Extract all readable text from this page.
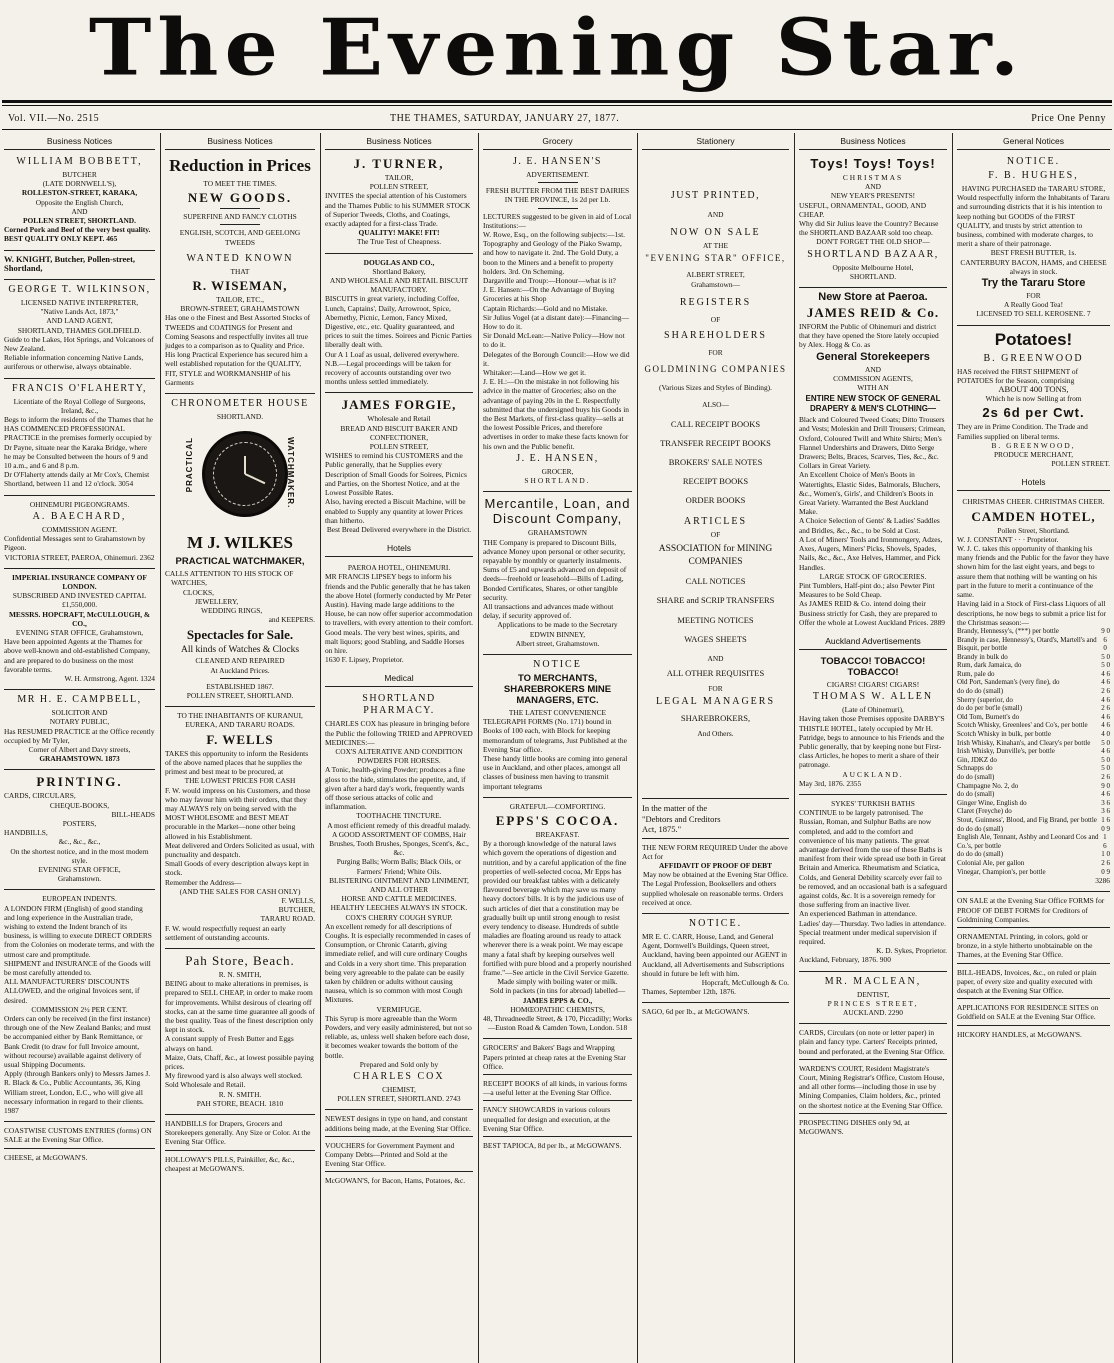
The Evening Star.
Vol. VII.—No. 2515	THE THAMES, SATURDAY, JANUARY 27, 1877.	Price One Penny
Business Notices

WILLIAM BOBBETT,

BUTCHER

(LATE DORNWELL'S),

ROLLESTON-STREET, KARAKA,

Opposite the English Church,

AND

POLLEN STREET, SHORTLAND.

Corned Pork and Beef of the very best quality.

BEST QUALITY ONLY KEPT. 465

W. KNIGHT, Butcher, Pollen-street, Shortland,

GEORGE T. WILKINSON,

LICENSED NATIVE INTERPRETER,

"Native Lands Act, 1873,"

AND LAND AGENT,

SHORTLAND, THAMES GOLDFIELD.

Guide to the Lakes, Hot Springs, and Volcanoes of New Zealand.

Reliable information concerning Native Lands, auriferous or otherwise, always obtainable.

FRANCIS O'FLAHERTY,

Licentiate of the Royal College of Surgeons, Ireland, &c.,

Begs to inform the residents of the Thames that he HAS COMMENCED PROFESSIONAL PRACTICE in the premises formerly occupied by Dr Payne, situate near the Karaka Bridge, where he may be Consulted between the hours of 9 and 10 a.m., and 6 and 8 p.m.

Dr O'Flaherty attends daily at Mr Cox's, Chemist Shortland, between 11 and 12 o'clock. 3054

OHINEMURI PIGEONGRAMS.

A. BAECHARD,

COMMISSION AGENT.

Confidential Messages sent to Grahamstown by Pigeon.

VICTORIA STREET, PAEROA, Ohinemuri. 2362

IMPERIAL INSURANCE COMPANY OF LONDON.

SUBSCRIBED AND INVESTED CAPITAL £1,550,000.

MESSRS. HOPCRAFT, McCULLOUGH, & CO.,

EVENING STAR OFFICE, Grahamstown,

Have been appointed Agents at the Thames for above well-known and old-established Company, and are prepared to do business on the most favorable terms.

W. H. Armstrong, Agent. 1324

MR H. E. CAMPBELL,

SOLICITOR AND

NOTARY PUBLIC,

Has RESUMED PRACTICE at the Office recently occupied by Mr Tyler,

Corner of Albert and Davy streets,

GRAHAMSTOWN. 1873

PRINTING.

CARDS, CIRCULARS,

CHEQUE-BOOKS,

BILL-HEADS

POSTERS,

HANDBILLS,

&c., &c., &c.,

On the shortest notice, and in the most modern style.

EVENING STAR OFFICE,

Grahamstown.

EUROPEAN INDENTS.

A LONDON FIRM (English) of good standing and long experience in the Australian trade, wishing to extend the Indent branch of its business, is willing to execute DIRECT ORDERS from the Colonies on moderate terms, and with the utmost care and promptitude.

SHIPMENT and INSURANCE of the Goods will be most carefully attended to.

ALL MANUFACTURERS' DISCOUNTS ALLOWED, and the original Invoices sent, if desired.

COMMISSION 2½ PER CENT.

Orders can only be received (in the first instance) through one of the New Zealand Banks; and must be accompanied either by Bank Remittance, or Bank Credit (to draw for full Invoice amount, without recourse) available against delivery of usual Shipping Documents.

Apply (through Bankers only) to Messrs James J. R. Black & Co., Public Accountants, 36, King William street, London, E.C., who will give all necessary information in regard to their clients. 1987

COASTWISE CUSTOMS ENTRIES (forms) ON SALE at the Evening Star Office.

CHEESE, at McGOWAN'S.

Business Notices

Reduction in Prices

TO MEET THE TIMES.

NEW GOODS.

SUPERFINE AND FANCY CLOTHS

ENGLISH, SCOTCH, AND GEELONG TWEEDS

WANTED KNOWN

THAT

R. WISEMAN,

TAILOR, ETC.,

BROWN-STREET, GRAHAMSTOWN

Has one o the Finest and Best Assorted Stocks of TWEEDS and COATINGS for Present and Coming Seasons and respectfully invites all true judges to a comparison as to Quality and Price.

His long Practical Experience has secured him a well established reputation for the QUALITY, FIT, STYLE and WORKMANSHIP of his Garments

CHRONOMETER HOUSE

SHORTLAND.

PRACTICAL	WATCHMAKER.

M J. WILKES

PRACTICAL WATCHMAKER,

CALLS ATTENTION TO HIS STOCK OF

WATCHES,

CLOCKS,

JEWELLERY,

WEDDING RINGS,

and KEEPERS.

Spectacles for Sale.

All kinds of Watches & Clocks

CLEANED AND REPAIRED

At Auckland Prices.

ESTABLISHED 1867.

POLLEN STREET, SHORTLAND.

TO THE INHABITANTS OF KURANUI, EUREKA, AND TARARU ROADS.

F. WELLS

TAKES this opportunity to inform the Residents of the above named places that he supplies the primest and best meat to be procured, at

THE LOWEST PRICES FOR CASH

F. W. would impress on his Customers, and those who may favour him with their orders, that they may ALWAYS rely on being served with the MOST WHOLESOME and BEST MEAT procurable in the Market—none other being allowed in his Establishment.

Meat delivered and Orders Solicited as usual, with punctuality and despatch.

Small Goods of every description always kept in stock.

Remember the Address—

(AND THE SALES FOR CASH ONLY)

F. WELLS,

BUTCHER,

TARARU ROAD.

F. W. would respectfully request an early settlement of outstanding accounts.

Pah Store, Beach.

R. N. SMITH,

BEING about to make alterations in premises, is prepared to SELL CHEAP, in order to make room for improvements. Whilst desirous of clearing off stocks, can at the same time guarantee all goods of the best quality. Teas of the finest description only kept in stock.

A constant supply of Fresh Butter and Eggs always on hand.

Maize, Oats, Chaff, &c., at lowest possible paying prices.

My firewood yard is also always well stocked. Sold Wholesale and Retail.

R. N. SMITH.

PAH STORE, BEACH. 1810

HANDBILLS for Drapers, Grocers and Storekeepers generally. Any Size or Color. At the Evening Star Office.

HOLLOWAY'S PILLS, Painkiller, &c, &c., cheapest at McGOWAN'S.

Business Notices

J. TURNER,

TAILOR,

POLLEN STREET,

INVITES the special attention of his Customers and the Thames Public to his SUMMER STOCK of Superior Tweeds, Cloths, and Coatings, exactly adapted for a first-class Trade.

QUALITY! MAKE! FIT!

The True Test of Cheapness.

DOUGLAS AND CO.,

Shortland Bakery,

AND WHOLESALE AND RETAIL BISCUIT MANUFACTORY.

BISCUITS in great variety, including Coffee, Lunch, Captains', Daily, Arrowroot, Spice, Abernethy, Picnic, Lemon, Fancy Mixed, Digestive, etc., etc. Quality guaranteed, and prices to suit the times. Soirees and Picnic Parties liberally dealt with.

Our A 1 Loaf as usual, delivered everywhere.

N.B.—Legal proceedings will be taken for recovery of accounts outstanding over two months unless settled immediately.

JAMES FORGIE,

Wholesale and Retail

BREAD AND BISCUIT BAKER AND CONFECTIONER,

POLLEN STREET,

WISHES to remind his CUSTOMERS and the Public generally, that he Supplies every Description of Small Goods for Soirees, Picnics and Parties, on the Shortest Notice, and at the Lowest Possible Rates.

Also, having erected a Biscuit Machine, will be enabled to Supply any quantity at lower Prices than hitherto.

Best Bread Delivered everywhere in the District.

Hotels

PAEROA HOTEL, OHINEMURI.

MR FRANCIS LIPSEY begs to inform his friends and the Public generally that he has taken the above Hotel (formerly conducted by Mr Peter Austin). Having made large additions to the House, he can now offer superior accommodation to travellers, with every attention to their comfort. Good meals. The very best wines, spirits, and malt liquors; good Stabling, and Saddle Horses on hire.

1630 F. Lipsey, Proprietor.

Medical

SHORTLAND PHARMACY.

CHARLES COX has pleasure in bringing before the Public the following TRIED and APPROVED MEDICINES:—

COX'S ALTERATIVE AND CONDITION POWDERS FOR HORSES.

A Tonic, health-giving Powder; produces a fine gloss to the hide, stimulates the appetite, and, if given after a hard day's work, frequently wards off those serious attacks of colic and inflammation.

TOOTHACHE TINCTURE.

A most efficient remedy of this dreadful malady.

A GOOD ASSORTMENT OF COMBS, Hair Brushes, Tooth Brushes, Sponges, Scent's, &c., &c.

Purging Balls; Worm Balls; Black Oils, or Farmers' Friend; White Oils.

BLISTERING OINTMENT AND LINIMENT, AND ALL OTHER

HORSE AND CATTLE MEDICINES.

HEALTHY LEECHES ALWAYS IN STOCK.

COX'S CHERRY COUGH SYRUP.

An excellent remedy for all descriptions of Coughs. It is especially recommended in cases of Consumption, or Chronic Catarrh, giving immediate relief, and will cure ordinary Coughs and Colds in a very short time. This preparation being very agreeable to the palate can be easily taken by children or adults without causing nausea, which is so common with most Cough Mixtures.

VERMIFUGE.

This Syrup is more agreeable than the Worm Powders, and very easily administered, but not so reliable, as, unless well shaken before each dose, it becomes weaker towards the bottom of the bottle.

Prepared and Sold only by

CHARLES COX

CHEMIST,

POLLEN STREET, SHORTLAND. 2743

NEWEST designs in type on hand, and constant additions being made, at the Evening Star Office.

VOUCHERS for Government Payment and Company Debts—Printed and Sold at the Evening Star Office.

McGOWAN'S, for Bacon, Hams, Potatoes, &c.

Grocery

J. E. HANSEN'S

ADVERTISEMENT.

FRESH BUTTER FROM THE BEST DAIRIES IN THE PROVINCE, 1s 2d per Lb.

LECTURES suggested to be given in aid of Local Institutions:—

W. Rowe, Esq., on the following subjects:—1st. Topography and Geology of the Piako Swamp, and how to navigate it. 2nd. The Gold Duty, a boon to the Miners and a benefit to property holders. 3rd. On Scheming.

Dargaville and Troup:—Honour—what is it?

J. E. Hansen:—On the Advantage of Buying Groceries at his Shop

Captain Richards:—Gold and no Mistake.

Sir Julius Vogel (at a distant date):—Financing—How to do it.

Sir Donald McLean:—Native Policy—How not to do it.

Delegates of the Borough Council:—How we did it.

Whitaker:—Land—How we get it.

J. E. H.:—On the mistake in not following his advice in the matter of Groceries; also on the advantage of paying 20s in the £. Respectfully submitted that the undersigned buys his Goods in the Best Markets, of first-class quality—sells at the lowest Possible Prices, and therefore advertises in order to make these facts known for his own and the Public benefit.

J. E. HANSEN,

GROCER,

SHORTLAND.

Mercantile, Loan, and Discount Company,

GRAHAMSTOWN

THE Company is prepared to Discount Bills, advance Money upon personal or other security, repayable by monthly or quarterly instalments. Sums of £5 and upwards advanced on deposit of deeds—freehold or leasehold—Bills of Lading, Bonded Certificates, Shares, or other tangible security.

All transactions and advances made without delay, if security approved of.

Applications to be made to the Secretary

EDWIN BINNEY,

Albert street, Grahamstown.

NOTICE

TO MERCHANTS, SHAREBROKERS MINE MANAGERS, ETC.

THE LATEST CONVENIENCE

TELEGRAPH FORMS (No. 171) bound in Books of 100 each, with Block for keeping memorandum of telegrams, Just Published at the Evening Star office.

These handy little books are coming into general use in Auckland, and other places, amongst all classes of business men having to transmit important telegrams

GRATEFUL—COMFORTING.

EPPS'S COCOA.

BREAKFAST.

By a thorough knowledge of the natural laws which govern the operations of digestion and nutrition, and by a careful application of the fine properties of well-selected cocoa, Mr Epps has provided our breakfast tables with a delicately flavoured beverage which may save us many heavy doctors' bills. It is by the judicious use of such articles of diet that a constitution may be gradually built up until strong enough to resist every tendency to disease. Hundreds of subtle maladies are floating around us ready to attack wherever there is a weak point. We may escape many a fatal shaft by keeping ourselves well fortified with pure blood and a properly nourished frame."—See article in the Civil Service Gazette.

Made simply with boiling water or milk.

Sold in packets (in tins for abroad) labelled—

JAMES EPPS & CO.,

HOMŒOPATHIC CHEMISTS,

48, Threadneedle Street, & 170, Piccadilly; Works—Euston Road & Camden Town, London. 518

GROCERS' and Bakers' Bags and Wrapping Papers printed at cheap rates at the Evening Star Office.

RECEIPT BOOKS of all kinds, in various forms—a useful letter at the Evening Star Office.

FANCY SHOWCARDS in various colours unequalled for design and execution, at the Evening Star Office.

BEST TAPIOCA, 8d per lb., at McGOWAN'S.

Stationery

JUST PRINTED,

AND

NOW ON SALE

AT THE

"EVENING STAR" OFFICE,

ALBERT STREET,

Grahamstown—

REGISTERS

OF

SHAREHOLDERS

FOR

GOLDMINING COMPANIES

(Various Sizes and Styles of Binding).

ALSO—

CALL RECEIPT BOOKS

TRANSFER RECEIPT BOOKS

BROKERS' SALE NOTES

RECEIPT BOOKS

ORDER BOOKS

ARTICLES

OF

ASSOCIATION for MINING

COMPANIES

CALL NOTICES

SHARE and SCRIP TRANSFERS

MEETING NOTICES

WAGES SHEETS

AND

ALL OTHER REQUISITES

FOR

LEGAL MANAGERS

SHAREBROKERS,

And Others.

In the matter of the "Debtors and Creditors Act, 1875."

THE NEW FORM REQUIRED Under the above Act for

AFFIDAVIT OF PROOF OF DEBT

May now be obtained at the Evening Star Office.

The Legal Profession, Booksellers and others supplied wholesale on reasonable terms. Orders received at once.

NOTICE.

MR E. C. CARR, House, Land, and General Agent, Dornwell's Buildings, Queen street, Auckland, having been appointed our AGENT in Auckland, all Advertisements and Subscriptions should in future be left with him.

Hopcraft, McCullough & Co.

Thames, September 12th, 1876.

SAGO, 6d per lb., at McGOWAN'S.

Business Notices

Toys! Toys! Toys!

CHRISTMAS

AND

NEW YEAR'S PRESENTS!

USEFUL, ORNAMENTAL, GOOD, AND CHEAP.

Why did Sir Julius leave the Country? Because the SHORTLAND BAZAAR sold too cheap.

DON'T FORGET THE OLD SHOP—

SHORTLAND BAZAAR,

Opposite Melbourne Hotel,

SHORTLAND.

New Store at Paeroa.

JAMES REID & Co.

INFORM the Public of Ohinemuri and district that they have opened the Store lately occupied by Alex. Hogg & Co. as

General Storekeepers

AND

COMMISSION AGENTS,

WITH AN

ENTIRE NEW STOCK OF GENERAL DRAPERY & MEN'S CLOTHING—

Black and Coloured Tweed Coats; Ditto Trousers and Vests; Moleskin and Drill Trousers; Crimean, Oxford, Coloured Twill and White Shirts; Men's Flannel Undershirts and Drawers, Ditto Serge Drawers; Belts, Braces, Scarves, Ties, &c., &c. Collars in Great Variety.

An Excellent Choice of Men's Boots in Watertights, Elastic Sides, Balmorals, Bluchers, &c., Women's, Girls', and Children's Boots in Great Variety. Warranted the Best Auckland Make.

A Choice Selection of Gents' & Ladies' Saddles and Bridles, &c., &c., to be Sold at Cost.

A Lot of Miners' Tools and Ironmongery, Adzes, Axes, Augers, Miners' Picks, Shovels, Spades, Nails, &c., &c., Axe Helves, Hammer, and Pick Handles.

LARGE STOCK OF GROCERIES.

Pint Tumblers, Half-pint do.; also Pewter Pint Measures to be Sold Cheap.

As JAMES REID & Co. intend doing their Business strictly for Cash, they are prepared to Offer the whole at Lowest Auckland Prices. 2889

Auckland Advertisements

TOBACCO! TOBACCO! TOBACCO!

CIGARS! CIGARS! CIGARS!

THOMAS W. ALLEN

(Late of Ohinemuri),

Having taken those Premises opposite DARBY'S THISTLE HOTEL, lately occupied by Mr H. Patridge, begs to announce to his Friends and the Public generally, that by keeping none but First-class Articles, he hopes to merit a share of their patronage.

AUCKLAND.

May 3rd, 1876. 2355

SYKES' TURKISH BATHS

CONTINUE to be largely patronised. The Russian, Roman, and Sulphur Baths are now completed, and add to the comfort and convenience of his many patients. The great advantage derived from the use of these Baths is manifest from their wide spread use both in Great Britain and America. Rheumatism and Sciatica, Colds, and General Debility scarcely ever fail to be removed, and an occasional bath is a safeguard against colds, &c. It is a sovereign remedy for those suffering from an inactive liver.

An experienced Bathman in attendance.

Ladies' day—Thursday. Two ladies in attendance.

Special treatment under medical supervision if required.

K. D. Sykes, Proprietor.

Auckland, February, 1876. 900

MR. MACLEAN,

DENTIST,

PRINCES STREET,

AUCKLAND. 2290

CARDS, Circulars (on note or letter paper) in plain and fancy type. Carters' Receipts printed, bound and perforated, at the Evening Star Office.

WARDEN'S COURT, Resident Magistrate's Court, Mining Registrar's Office, Custom House, and all other forms—including those in use by Mining Companies, Claim holders, &c., printed on the shortest notice at the Evening Star Office.

PROSPECTING DISHES only 9d, at McGOWAN'S.

General Notices

NOTICE.

F. B. HUGHES,

HAVING PURCHASED the TARARU STORE,

Would respectfully inform the Inhabitants of Tararu and surrounding districts that it is his intention to keep nothing but GOODS of the FIRST QUALITY, and trusts by strict attention to business, combined with moderate charges, to merit a share of their patronage.

BEST FRESH BUTTER, 1s.

CANTERBURY BACON, HAMS, and CHEESE always in stock.

Try the Tararu Store

FOR

A Really Good Tea!

LICENSED TO SELL KEROSENE. 7

Potatoes!

B. GREENWOOD

HAS received the FIRST SHIPMENT of POTATOES for the Season, comprising

ABOUT 400 TONS,

Which he is now Selling at from

2s 6d per Cwt.

They are in Prime Condition. The Trade and Families supplied on liberal terms.

B. GREENWOOD,

PRODUCE MERCHANT,

POLLEN STREET.

Hotels

CHRISTMAS CHEER. CHRISTMAS CHEER.

CAMDEN HOTEL,

Pollen Street, Shortland.

W. J. CONSTANT · · · Proprietor.

W. J. C. takes this opportunity of thanking his many friends and the Public for the favor they have shown him for the last eight years, and begs to assure them that nothing will be wanting on his part in the future to merit a continuance of the same.

Having laid in a Stock of First-class Liquors of all descriptions, he now begs to submit a price list for the Christmas season:—

Brandy, Hennessy's, (***) per bottle	9 0
Brandy in case, Hennessy's, Otard's, Martell's and Bisquit, per bottle
6 0
Brandy in bulk do	5 0
Rum, dark Jamaica, do	5 0
Rum, pale do	4 6
Old Port, Sandeman's (very fine), do	4 6
do do do (small)	2 6
Sherry (superior, do	4 6
do do per bot'le (small)	2 6
Old Tom, Burnett's do	4 6
Scotch Whisky, Greenlees' and Co's, per bottle 4 6
Scotch Whisky in bulk, per bottle	4 0
Irish Whisky, Kinahan's, and Cleary's per bottle 5 0
Irish Whisky, Dunville's, per bottle	4 6
Gin, JDKZ do	5 0
Schnapps do	5 0
do do (small)	2 6
Champagne No. 2, do	9 0
do do (small)	4 6
Ginger Wine, English do	3 6
Claret (Freyche) do	3 6
Stout, Guinness', Blood, and Fig Brand, per bottle 1 6
do do do (small)	0 9
English Ale, Tennant, Ashby and Leonard Cos and Co.'s, per bottle
1 6
do do do (small)	1 0
Colonial Ale, per gallon	2 6
Vinegar, Champion's, per bottle	0 9

3286

ON SALE at the Evening Star Office FORMS for PROOF OF DEBT FORMS for Creditors of Goldmining Companies.

ORNAMENTAL Printing, in colors, gold or bronze, in a style hitherto unobtainable on the Thames, at the Evening Star Office.

BILL-HEADS, Invoices, &c., on ruled or plain paper, of every size and quality executed with despatch at the Evening Star Office.

APPLICATIONS FOR RESIDENCE SITES on Goldfield on SALE at the Evening Star Office.

HICKORY HANDLES, at McGOWAN'S.
